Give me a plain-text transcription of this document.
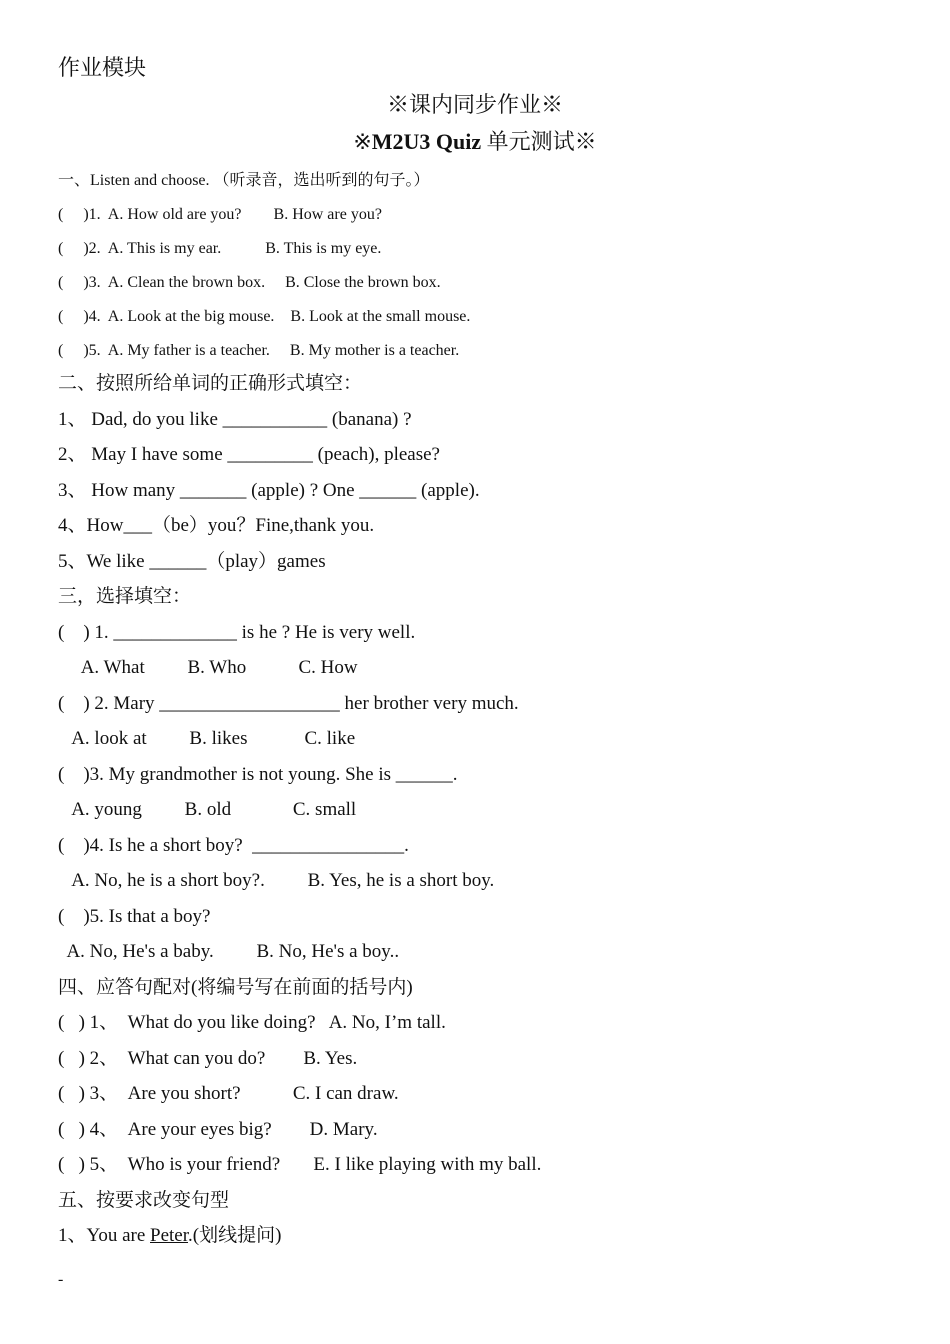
作业模块
※课内同步作业※
※M2U3 Quiz 单元测试※
一、Listen and choose. （听录音，选出听到的句子。）
(     )1.  A. How old are you?        B. How are you?
(     )2.  A. This is my ear.           B. This is my eye.
(     )3.  A. Clean the brown box.     B. Close the brown box.
(     )4.  A. Look at the big mouse.    B. Look at the small mouse.
(     )5.  A. My father is a teacher.     B. My mother is a teacher.
二、按照所给单词的正确形式填空：
1、 Dad, do you like ___________ (banana) ?
2、 May I have some _________ (peach), please?
3、 How many _______ (apple) ? One ______ (apple).
4、How___（be）you？Fine,thank you.
5、We like ______（play）games
三，选择填空：
(    ) 1. _____________ is he ? He is very well.
A. What         B. Who           C. How
(    ) 2. Mary ___________________ her brother very much.
A. look at         B. likes            C. like
(    )3. My grandmother is not young. She is ______.
A. young         B. old             C. small
(    )4. Is he a short boy?  ________________.
A. No, he is a short boy?.         B. Yes, he is a short boy.
(    )5. Is that a boy?
A. No, He's a baby.         B. No, He's a boy..
四、应答句配对(将编号写在前面的括号内)
(   ) 1、  What do you like doing?   A. No, I’m tall.
(   ) 2、  What can you do?        B. Yes.
(   ) 3、  Are you short?           C. I can draw.
(   ) 4、  Are your eyes big?        D. Mary.
(   ) 5、  Who is your friend?       E. I like playing with my ball.
五、按要求改变句型
1、You are Peter.(划线提问)
-
